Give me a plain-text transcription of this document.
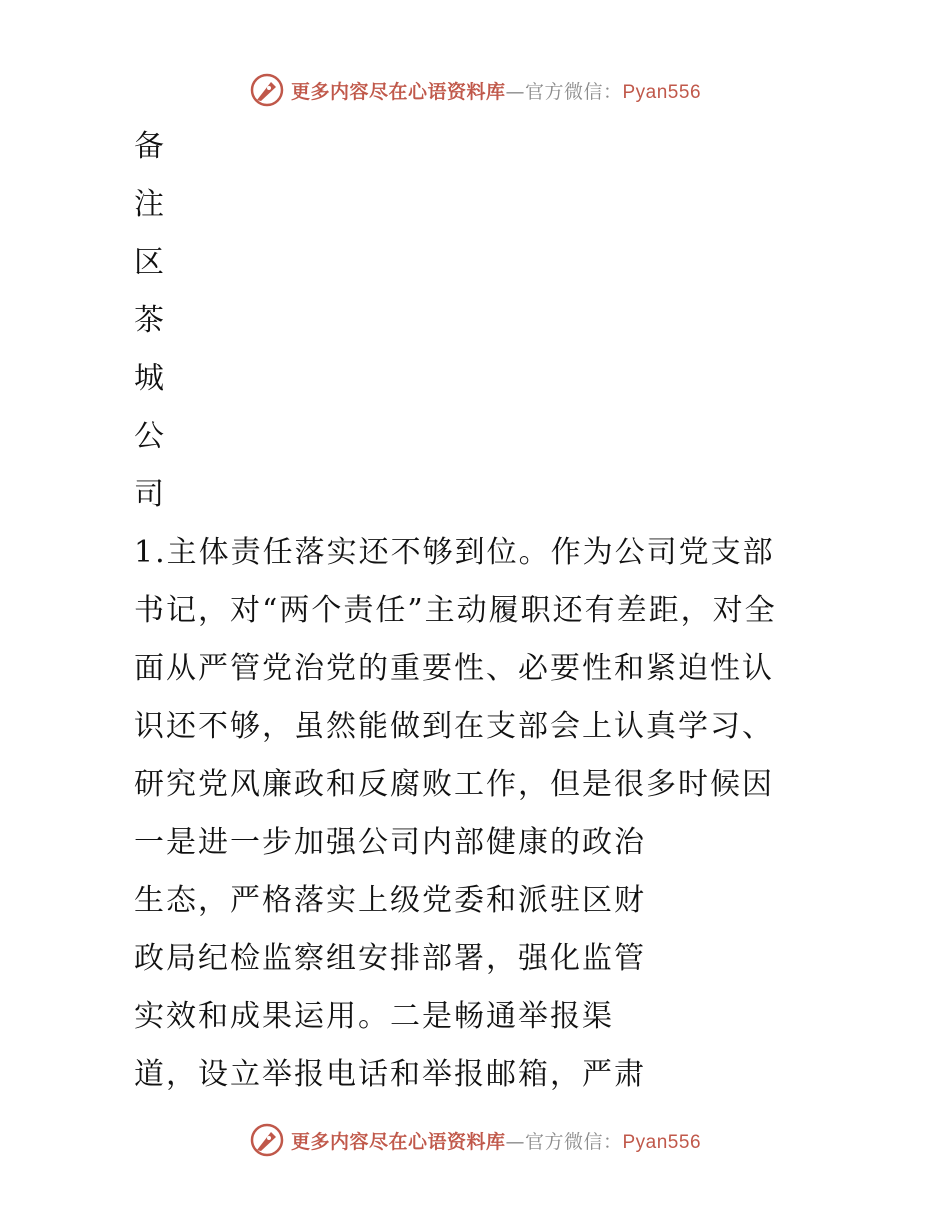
更多内容尽在心语资料库 — 官方微信： Pyan556
备
注
区
茶
城
公
司
1.主体责任落实还不够到位。作为公司党支部
书记，对“两个责任”主动履职还有差距，对全
面从严管党治党的重要性、必要性和紧迫性认
识还不够，虽然能做到在支部会上认真学习、
研究党风廉政和反腐败工作，但是很多时候因
一是进一步加强公司内部健康的政治
生态，严格落实上级党委和派驻区财
政局纪检监察组安排部署，强化监管
实效和成果运用。二是畅通举报渠
道，设立举报电话和举报邮箱，严肃
更多内容尽在心语资料库 — 官方微信： Pyan556
